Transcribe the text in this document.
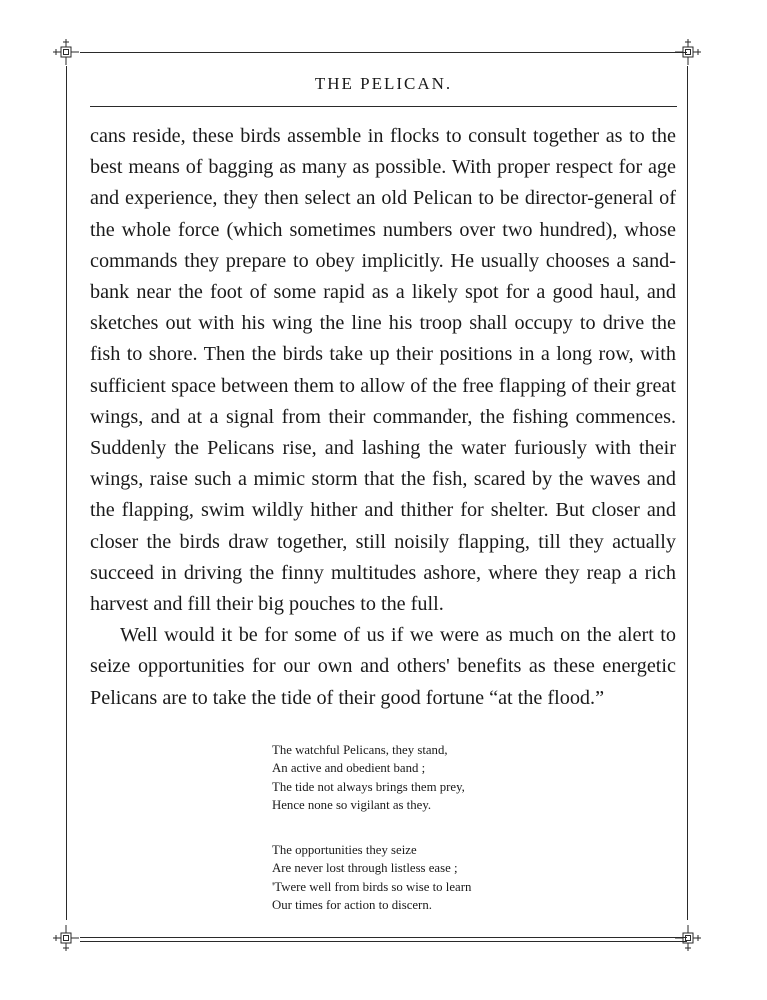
THE PELICAN.

cans reside, these birds assemble in flocks to consult together as to the best means of bagging as many as possible. With proper respect for age and experience, they then select an old Pelican to be director-general of the whole force (which sometimes numbers over two hundred), whose commands they prepare to obey implicitly. He usually chooses a sand-bank near the foot of some rapid as a likely spot for a good haul, and sketches out with his wing the line his troop shall occupy to drive the fish to shore. Then the birds take up their positions in a long row, with sufficient space between them to allow of the free flapping of their great wings, and at a signal from their commander, the fishing commences. Suddenly the Pelicans rise, and lashing the water furiously with their wings, raise such a mimic storm that the fish, scared by the waves and the flapping, swim wildly hither and thither for shelter. But closer and closer the birds draw together, still noisily flapping, till they actually succeed in driving the finny multitudes ashore, where they reap a rich harvest and fill their big pouches to the full.

Well would it be for some of us if we were as much on the alert to seize opportunities for our own and others' benefits as these energetic Pelicans are to take the tide of their good fortune “at the flood.”

The watchful Pelicans, they stand,
An active and obedient band ;
The tide not always brings them prey,
Hence none so vigilant as they.
The opportunities they seize
Are never lost through listless ease ;
'Twere well from birds so wise to learn
Our times for action to discern.
